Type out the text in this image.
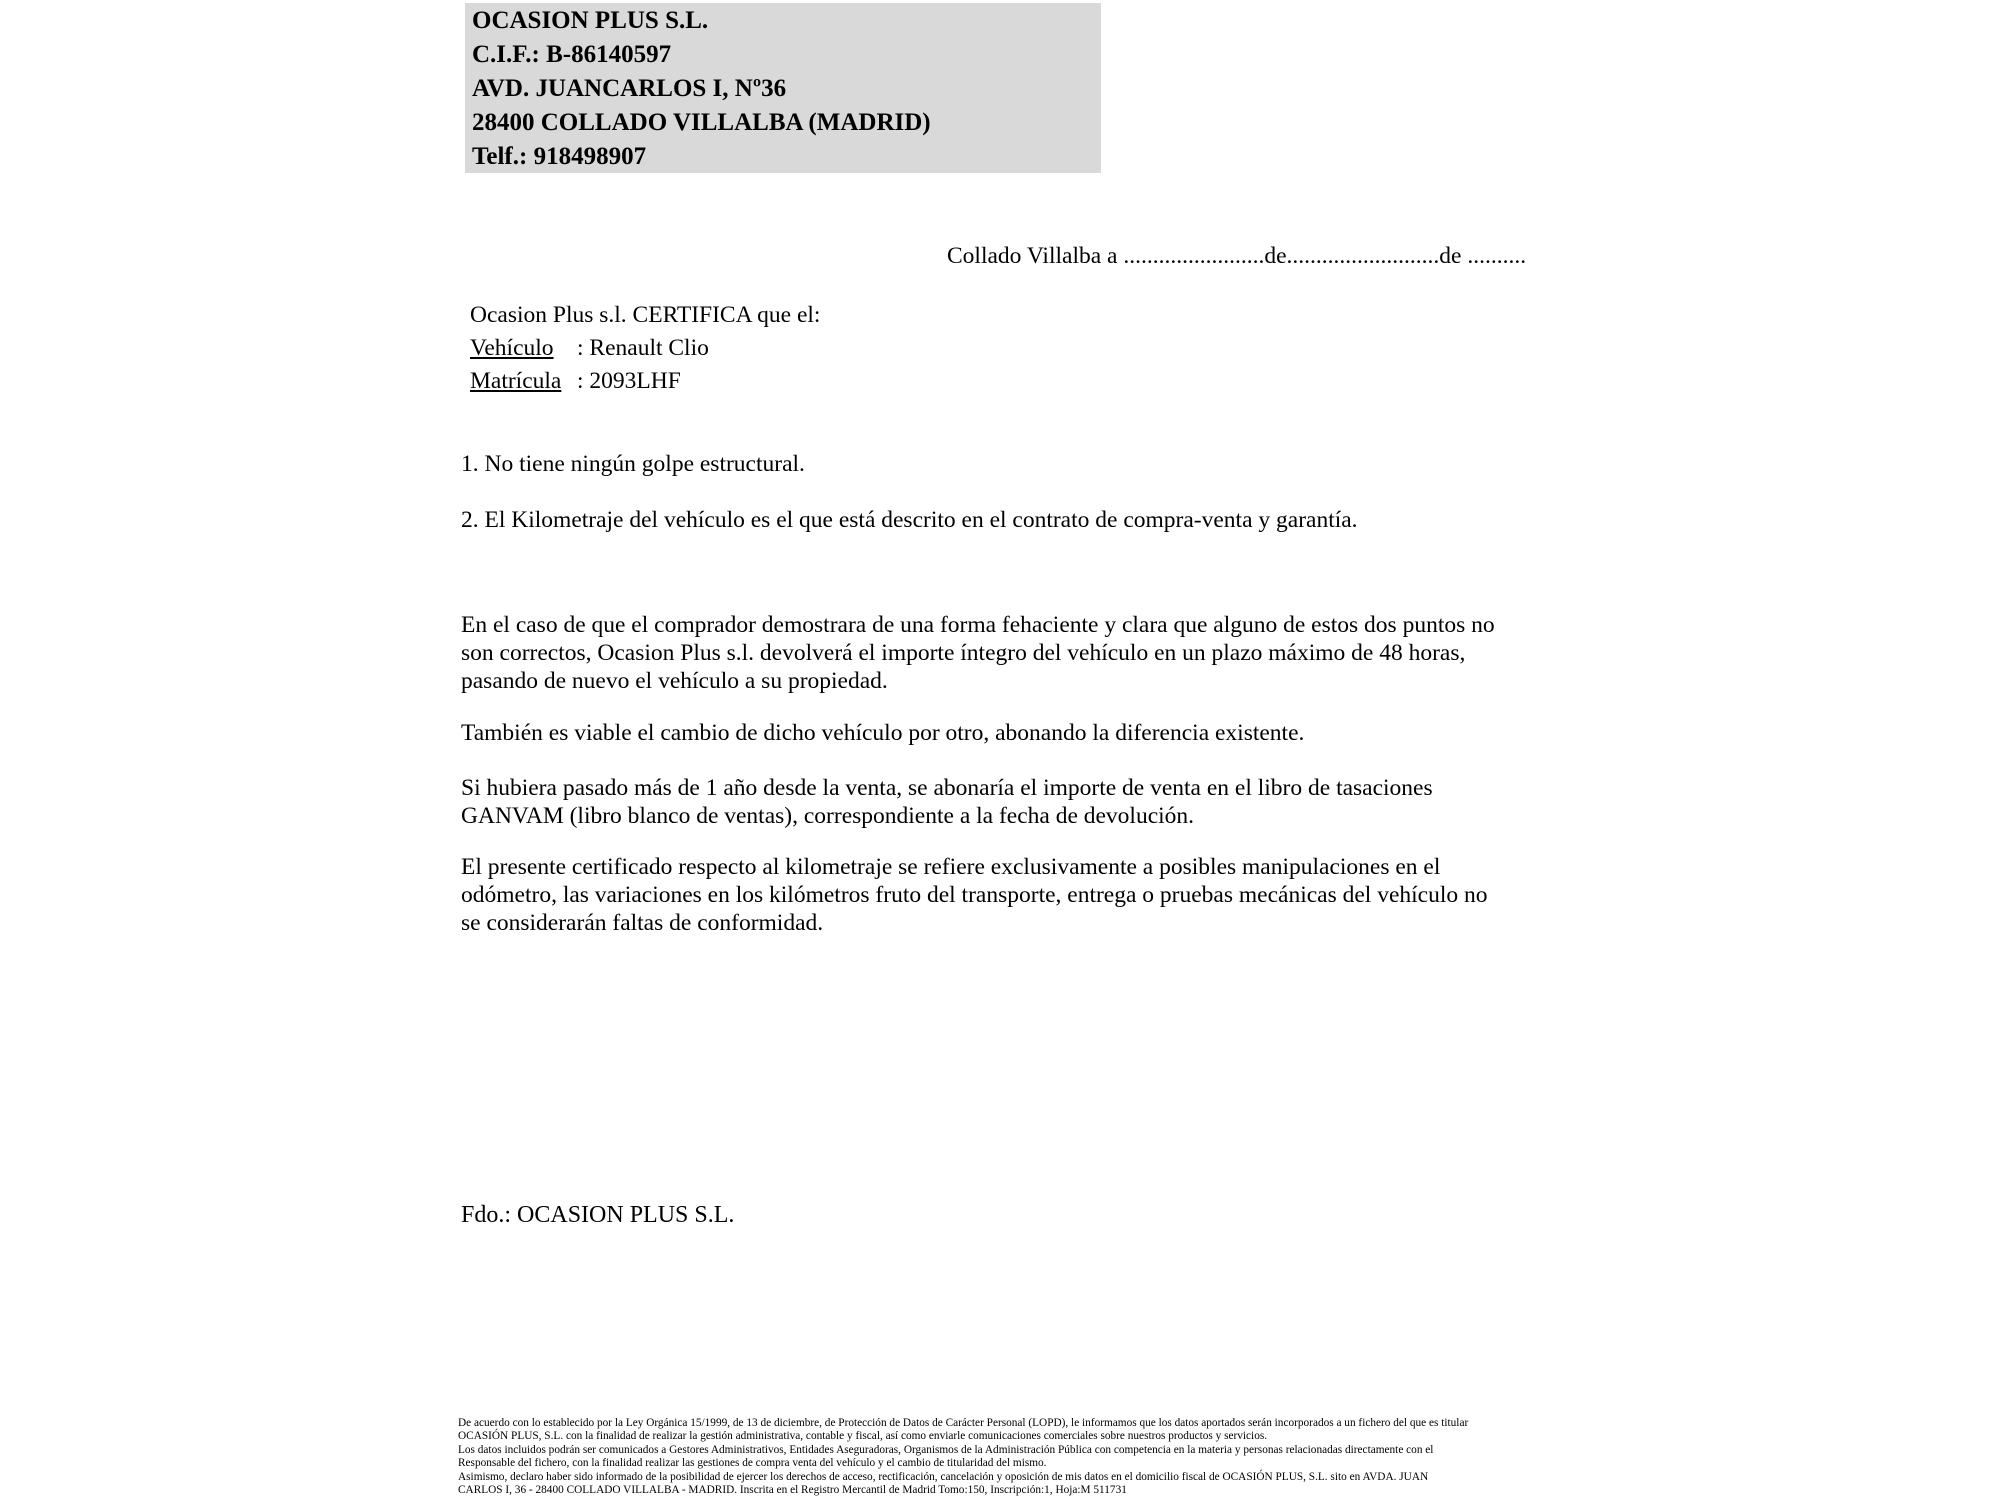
OCASION PLUS S.L.
C.I.F.: B-86140597
AVD. JUANCARLOS I, Nº36
28400 COLLADO VILLALBA (MADRID)
Telf.: 918498907
Collado Villalba a ........................de..........................de ..........
Ocasion Plus s.l. CERTIFICA que el:
Vehículo : Renault Clio
Matrícula : 2093LHF
1. No tiene ningún golpe estructural.
2. El Kilometraje del vehículo es el que está descrito en el contrato de compra-venta y garantía.
En el caso de que el comprador demostrara de una forma fehaciente y clara que alguno de estos dos puntos no
son correctos, Ocasion Plus s.l. devolverá el importe íntegro del vehículo en un plazo máximo de 48 horas,
pasando de nuevo el vehículo a su propiedad.
También es viable el cambio de dicho vehículo por otro, abonando la diferencia existente.
Si hubiera pasado más de 1 año desde la venta, se abonaría el importe de venta en el libro de tasaciones
GANVAM (libro blanco de ventas), correspondiente a la fecha de devolución.
El presente certificado respecto al kilometraje se refiere exclusivamente a posibles manipulaciones en el
odómetro, las variaciones en los kilómetros fruto del transporte, entrega o pruebas mecánicas del vehículo no
se considerarán faltas de conformidad.
Fdo.: OCASION PLUS S.L.
De acuerdo con lo establecido por la Ley Orgánica 15/1999, de 13 de diciembre, de Protección de Datos de Carácter Personal (LOPD), le informamos que los datos aportados serán incorporados a un fichero del que es titular
OCASIÓN PLUS, S.L. con la finalidad de realizar la gestión administrativa, contable y fiscal, así como enviarle comunicaciones comerciales sobre nuestros productos y servicios.
Los datos incluidos podrán ser comunicados a Gestores Administrativos, Entidades Aseguradoras, Organismos de la Administración Pública con competencia en la materia y personas relacionadas directamente con el
Responsable del fichero, con la finalidad realizar las gestiones de compra venta del vehículo y el cambio de titularidad del mismo.
Asimismo, declaro haber sido informado de la posibilidad de ejercer los derechos de acceso, rectificación, cancelación y oposición de mis datos en el domicilio fiscal de OCASIÓN PLUS, S.L. sito en AVDA. JUAN
CARLOS I, 36 - 28400 COLLADO VILLALBA - MADRID. Inscrita en el Registro Mercantil de Madrid Tomo:150, Inscripción:1, Hoja:M 511731
